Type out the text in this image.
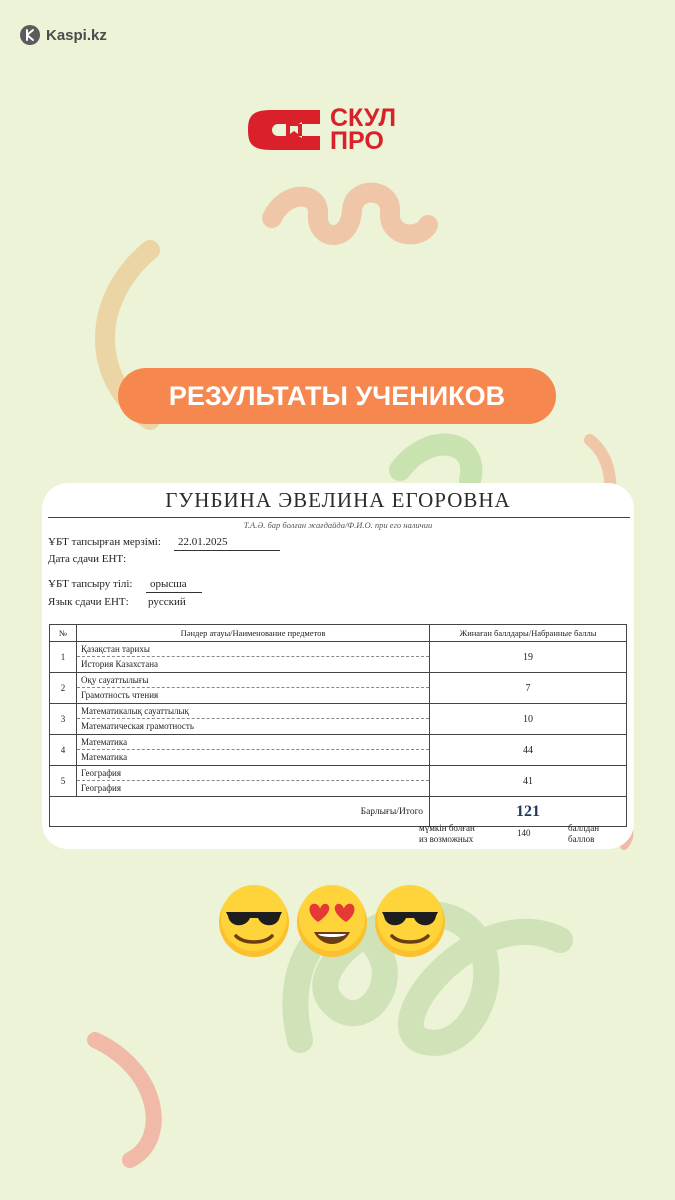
Kaspi.kz
СКУЛ
ПРО
РЕЗУЛЬТАТЫ УЧЕНИКОВ
ГУНБИНА ЭВЕЛИНА ЕГОРОВНА
Т.А.Ә. бар болған жағдайда/Ф.И.О. при его наличии
ҰБТ тапсырған мерзімі: 22.01.2025
Дата сдачи ЕНТ:
ҰБТ тапсыру тілі: орысша
Язык сдачи ЕНТ: русский
№	Пәндер атауы/Наименование предметов	Жинаған баллдары/Набранные баллы
1	Қазақстан тарихы
История Казахстана	19
2	Оқу сауаттылығы
Грамотность чтения	7
3	Математикалық сауаттылық
Математическая грамотность	10
4	Математика
Математика	44
5	География
География	41
Барлығы/Итого		121
мүмкін болған
из возможных
140	баллдан
баллов
